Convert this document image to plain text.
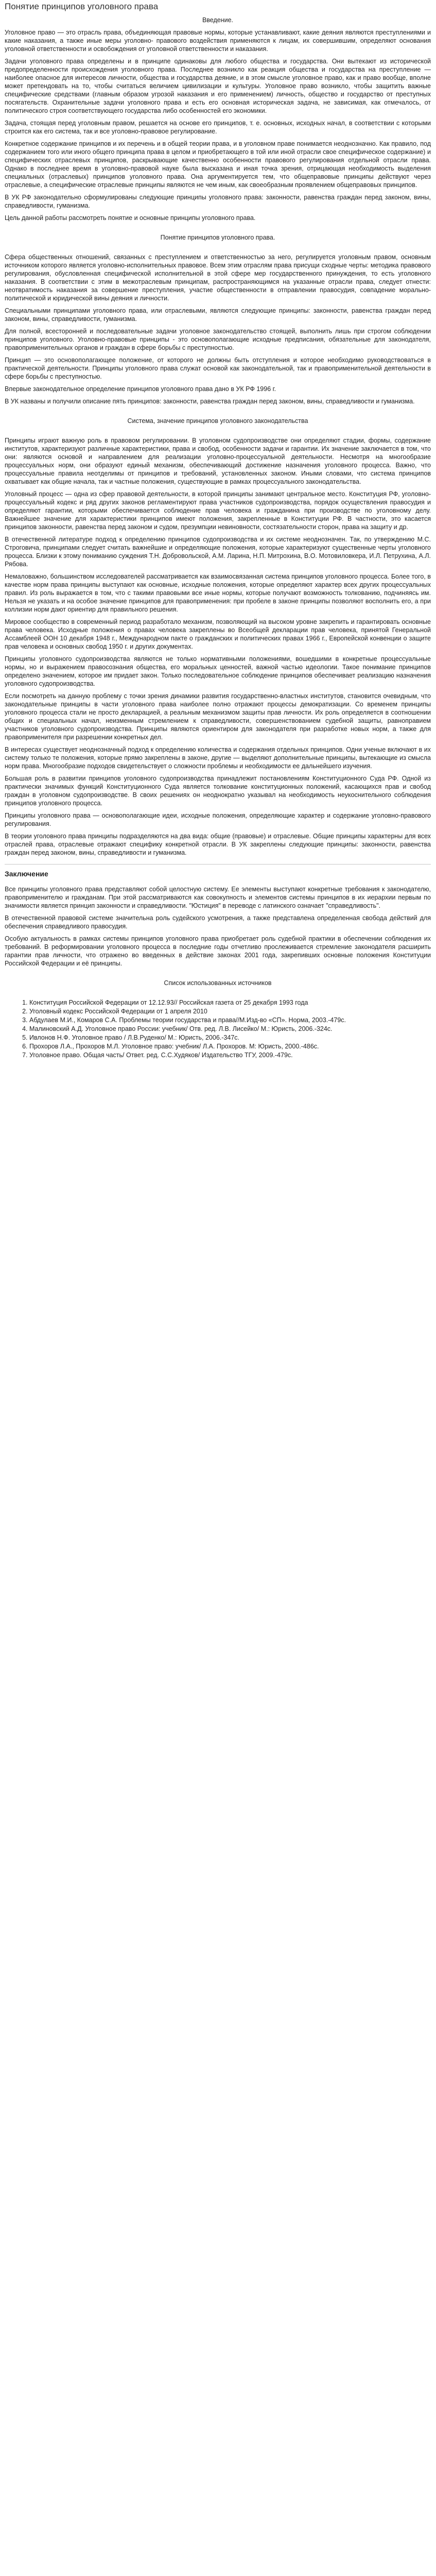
Понятие принципов уголовного права
Введение.

Уголовное право — это отрасль права, объединяющая правовые нормы, которые устанавливают, какие деяния являются преступлениями и какие наказания, а также иные меры уголовно- правового воздействия применяются к лицам, их совершившим, определяют основания уголовной ответственности и освобождения от уголовной ответственности и наказания.

Задачи уголовного права определены и в принципе одинаковы для любого общества и государства. Они вытекают из исторической предопределенности происхождения уголовного права. Последнее возникло как реакция общества и государства на преступление — наиболее опасное для интересов личности, общества и государства деяние, и в этом смысле уголовное право, как и право вообще, вполне может претендовать на то, чтобы считаться величием цивилизации и культуры. Уголовное право возникло, чтобы защитить важные специфические средствами (главным образом угрозой наказания и его применением) личность, общество и государство от преступных посягательств. Охранительные задачи уголовного права и есть его основная историческая задача, не зависимая, как отмечалось, от политического строя соответствующего государства либо особенностей его экономики.

Задача, стоящая перед уголовным правом, решается на основе его принципов, т. е. основных, исходных начал, в соответствии с которыми строится как его система, так и все уголовно-правовое регулирование.

Конкретное содержание принципов и их перечень и в общей теории права, и в уголовном праве понимается неоднозначно. Как правило, под содержанием того или иного общего принципа права в целом и приобретающего в той или иной отрасли свое специфическое содержание) и специфических отраслевых принципов, раскрывающие качественно особенности правового регулирования отдельной отрасли права. Однако в последнее время в уголовно-правовой науке была высказана и иная точка зрения, отрицающая необходимость выделения специальных (отраслевых) принципов уголовного права. Она аргументируется тем, что общеправовые принципы действуют через отраслевые, а специфические отраслевые принципы являются не чем иным, как своеобразным проявлением общеправовых принципов.

В УК РФ законодательно сформулированы следующие принципы уголовного права: законности, равенства граждан перед законом, вины, справедливости, гуманизма.

Цель данной работы рассмотреть понятие и основные принципы уголовного права.

Понятие принципов уголовного права.

Сфера общественных отношений, связанных с преступлением и ответственностью за него, регулируется уголовным правом, основным источником которого является уголовно-исполнительных правовое. Всем этим отраслям права присущи сходные черты: методика правового регулирования, обусловленная специфической исполнительной в этой сфере мер государственного принуждения, то есть уголовного наказания. В соответствии с этим в межотраслевым принципам, распространяющимся на указанные отрасли права, следует отнести: неотвратимость наказания за совершение преступления, участие общественности в отправлении правосудия, совпадение морально-политической и юридической вины деяния и личности.

Специальными принципами уголовного права, или отраслевыми, являются следующие принципы: законности, равенства граждан перед законом, вины, справедливости, гуманизма.

Для полной, всесторонней и последовательные задачи уголовное законодательство стоящей, выполнить лишь при строгом соблюдении принципов уголовного. Уголовно-правовые принципы - это основополагающие исходные предписания, обязательные для законодателя, правоприменительных органов и граждан в сфере борьбы с преступностью.

Принцип — это основополагающее положение, от которого не должны быть отступления и которое необходимо руководствоваться в практической деятельности. Принципы уголовного права служат основой как законодательной, так и правоприменительной деятельности в сфере борьбы с преступностью.

Впервые законодательное определение принципов уголовного права дано в УК РФ 1996 г.

В УК названы и получили описание пять принципов: законности, равенства граждан перед законом, вины, справедливости и гуманизма.

Система, значение принципов уголовного законодательства

Принципы играют важную роль в правовом регулировании. В уголовном судопроизводстве они определяют стадии, формы, содержание институтов, характеризуют различные характеристики, права и свобод, особенности задачи и гарантии. Их значение заключается в том, что они: являются основой и направлением для реализации уголовно-процессуальной деятельности. Несмотря на многообразие процессуальных норм, они образуют единый механизм, обеспечивающий достижение назначения уголовного процесса. Важно, что процессуальные правила неотделимы от принципов и требований, установленных законом. Иными словами, что система принципов охватывает как общие начала, так и частные положения, существующие в рамках процессуального законодательства.

Уголовный процесс — одна из сфер правовой деятельности, в которой принципы занимают центральное место. Конституция РФ, уголовно-процессуальный кодекс и ряд других законов регламентируют права участников судопроизводства, порядок осуществления правосудия и определяют гарантии, которыми обеспечивается соблюдение прав человека и гражданина при производстве по уголовному делу. Важнейшее значение для характеристики принципов имеют положения, закрепленные в Конституции РФ. В частности, это касается принципов законности, равенства перед законом и судом, презумпции невиновности, состязательности сторон, права на защиту и др.

В отечественной литературе подход к определению принципов судопроизводства и их системе неоднозначен. Так, по утверждению М.С. Строговича, принципами следует считать важнейшие и определяющие положения, которые характеризуют существенные черты уголовного процесса. Близки к этому пониманию суждения Т.Н. Добровольской, А.М. Ларина, Н.П. Митрохина, В.О. Мотовиловкера, И.Л. Петрухина, А.Л. Рябова.

Немаловажно, большинством исследователей рассматривается как взаимосвязанная система принципов уголовного процесса. Более того, в качестве норм права принципы выступают как основные, исходные положения, которые определяют характер всех других процессуальных правил. Из роль выражается в том, что с такими правовыми все иные нормы, которые получают возможность толкованию, подчиняясь им. Нельзя не указать и на особое значение принципов для правоприменения: при пробеле в законе принципы позволяют восполнить его, а при коллизии норм дают ориентир для правильного решения.

Мировое сообщество в современный период разработало механизм, позволяющий на высоком уровне закрепить и гарантировать основные права человека. Исходные положения о правах человека закреплены во Всеобщей декларации прав человека, принятой Генеральной Ассамблеей ООН 10 декабря 1948 г., Международном пакте о гражданских и политических правах 1966 г., Европейской конвенции о защите прав человека и основных свобод 1950 г. и других документах.

Принципы уголовного судопроизводства являются не только нормативными положениями, вошедшими в конкретные процессуальные нормы, но и выражением правосознания общества, его моральных ценностей, важной частью идеологии. Такое понимание принципов определено значением, которое им придает закон. Только последовательное соблюдение принципов обеспечивает реализацию назначения уголовного судопроизводства.

Если посмотреть на данную проблему с точки зрения динамики развития государственно-властных институтов, становится очевидным, что законодательные принципы в части уголовного права наиболее полно отражают процессы демократизации. Со временем принципы уголовного процесса стали не просто декларацией, а реальным механизмом защиты прав личности. Их роль определяется в соотношении общих и специальных начал, неизменным стремлением к справедливости, совершенствованием судебной защиты, равноправием участников уголовного судопроизводства. Принципы являются ориентиром для законодателя при разработке новых норм, а также для правоприменителя при разрешении конкретных дел.

В интересах существует неоднозначный подход к определению количества и содержания отдельных принципов. Одни ученые включают в их систему только те положения, которые прямо закреплены в законе, другие — выделяют дополнительные принципы, вытекающие из смысла норм права. Многообразие подходов свидетельствует о сложности проблемы и необходимости ее дальнейшего изучения.

Большая роль в развитии принципов уголовного судопроизводства принадлежит постановлениям Конституционного Суда РФ. Одной из практически значимых функций Конституционного Суда является толкование конституционных положений, касающихся прав и свобод граждан в уголовном судопроизводстве. В своих решениях он неоднократно указывал на необходимость неукоснительного соблюдения принципов уголовного процесса.

Принципы уголовного права — основополагающие идеи, исходные положения, определяющие характер и содержание уголовно-правового регулирования.

В теории уголовного права принципы подразделяются на два вида: общие (правовые) и отраслевые. Общие принципы характерны для всех отраслей права, отраслевые отражают специфику конкретной отрасли. В УК закреплены следующие принципы: законности, равенства граждан перед законом, вины, справедливости и гуманизма.

Заключение

Все принципы уголовного права представляют собой целостную систему. Ее элементы выступают конкретные требования к законодателю, правоприменителю и гражданам. При этой рассматриваются как совокупность и элементов системы принципов в их иерархии первым по значимости является принцип законности и справедливости. "Юстиция" в переводе с латинского означает "справедливость".

В отечественной правовой системе значительна роль судейского усмотрения, а также представлена определенная свобода действий для обеспечения справедливого правосудия.

Особую актуальность в рамках системы принципов уголовного права приобретает роль судебной практики в обеспечении соблюдения их требований. В реформировании уголовного процесса в последние годы отчетливо прослеживается стремление законодателя расширить гарантии прав личности, что отражено во введенных в действие законах 2001 года, закрепивших основные положения Конституции Российской Федерации и её принципы.

Список использованных источников
1. Конституция Российской Федерации от 12.12.93// Российская газета от 25 декабря 1993 года
2. Уголовный кодекс Российской Федерации от 1 апреля 2010
3. Абдулаев М.И., Комаров С.А. Проблемы теории государства и права//М.Изд-во «СП». Норма, 2003.-479с.
4. Малиновский А.Д. Уголовное право России: учебник/ Отв. ред. Л.В. Лисейко/ М.: Юристь, 2006.-324с.
5. Ивлонов Н.Ф. Уголовное право / Л.В.Руденко/ М.: Юристь, 2006.-347с.
6. Прохоров Л.А., Прохоров М.Л. Уголовное право: учебник/ Л.А. Прохоров. М: Юристь, 2000.-486с.
7. Уголовное право. Общая часть/ Ответ. ред. С.С.Худяков/ Издательство ТГУ, 2009.-479с.
